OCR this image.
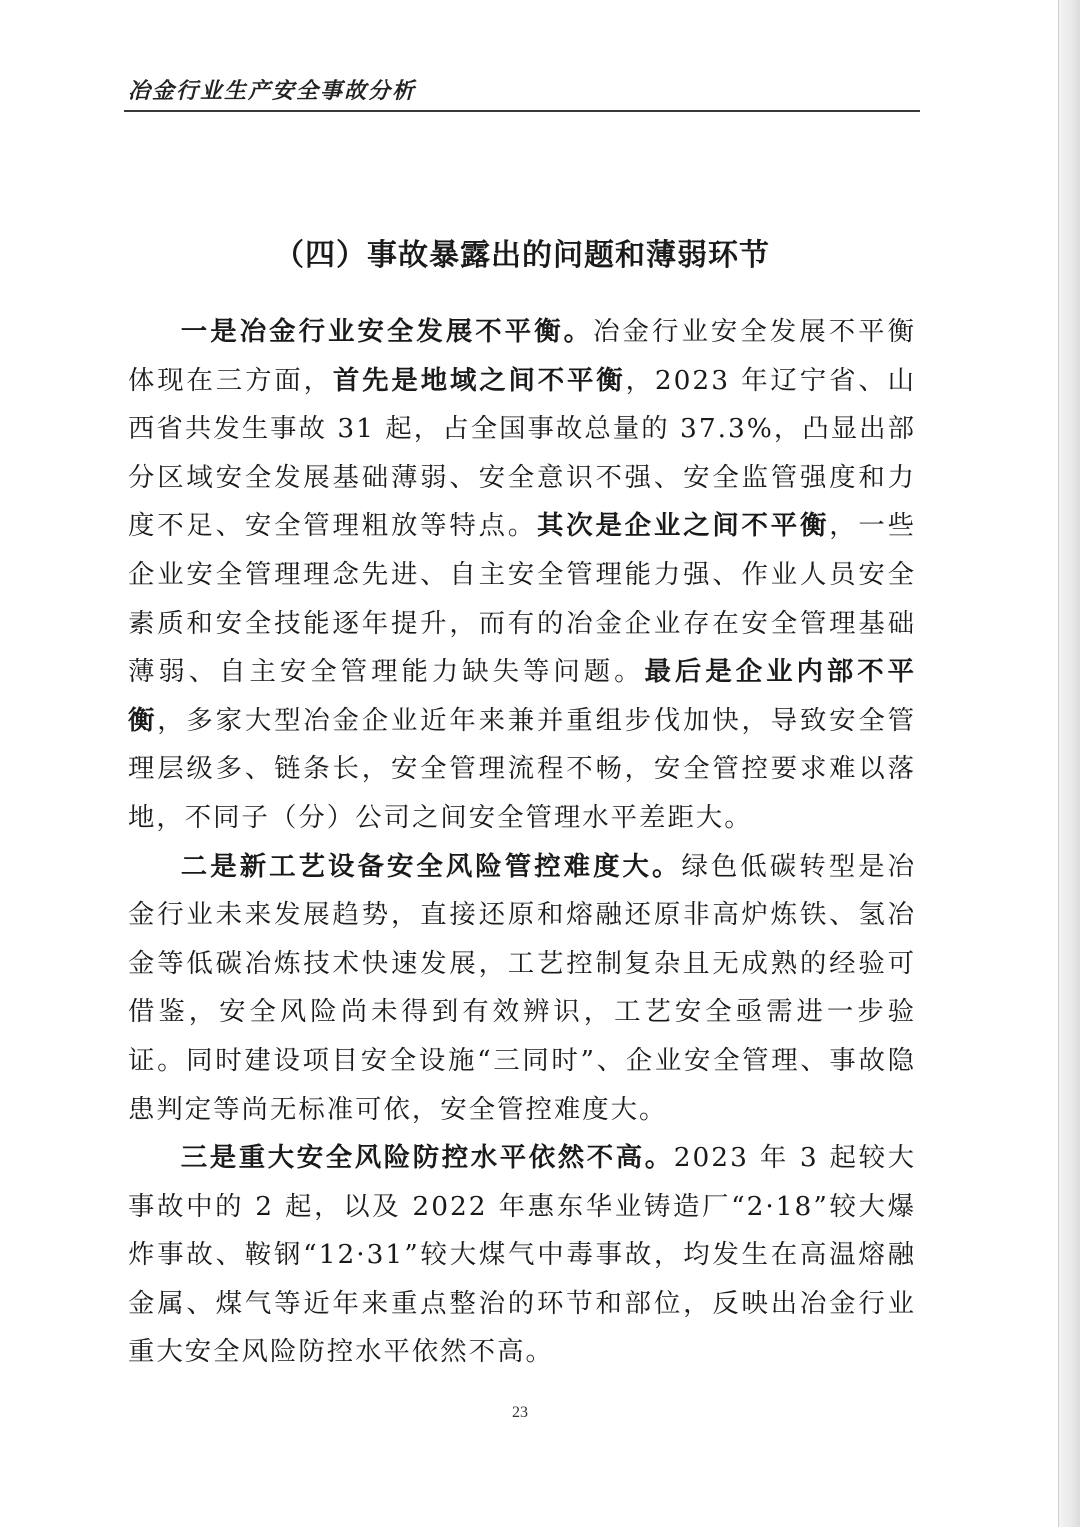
冶金行业生产安全事故分析
（四）事故暴露出的问题和薄弱环节

一是冶金行业安全发展不平衡。冶金行业安全发展不平衡体现在三方面，首先是地域之间不平衡，2023 年辽宁省、山西省共发生事故 31 起，占全国事故总量的 37.3%，凸显出部分区域安全发展基础薄弱、安全意识不强、安全监管强度和力度不足、安全管理粗放等特点。其次是企业之间不平衡，一些企业安全管理理念先进、自主安全管理能力强、作业人员安全素质和安全技能逐年提升，而有的冶金企业存在安全管理基础薄弱、自主安全管理能力缺失等问题。最后是企业内部不平衡，多家大型冶金企业近年来兼并重组步伐加快，导致安全管理层级多、链条长，安全管理流程不畅，安全管控要求难以落地，不同子（分）公司之间安全管理水平差距大。

二是新工艺设备安全风险管控难度大。绿色低碳转型是冶金行业未来发展趋势，直接还原和熔融还原非高炉炼铁、氢冶金等低碳冶炼技术快速发展，工艺控制复杂且无成熟的经验可借鉴，安全风险尚未得到有效辨识，工艺安全亟需进一步验证。同时建设项目安全设施“三同时”、企业安全管理、事故隐患判定等尚无标准可依，安全管控难度大。

三是重大安全风险防控水平依然不高。2023 年 3 起较大事故中的 2 起，以及 2022 年惠东华业铸造厂“2·18”较大爆炸事故、鞍钢“12·31”较大煤气中毒事故，均发生在高温熔融金属、煤气等近年来重点整治的环节和部位，反映出冶金行业重大安全风险防控水平依然不高。

23
